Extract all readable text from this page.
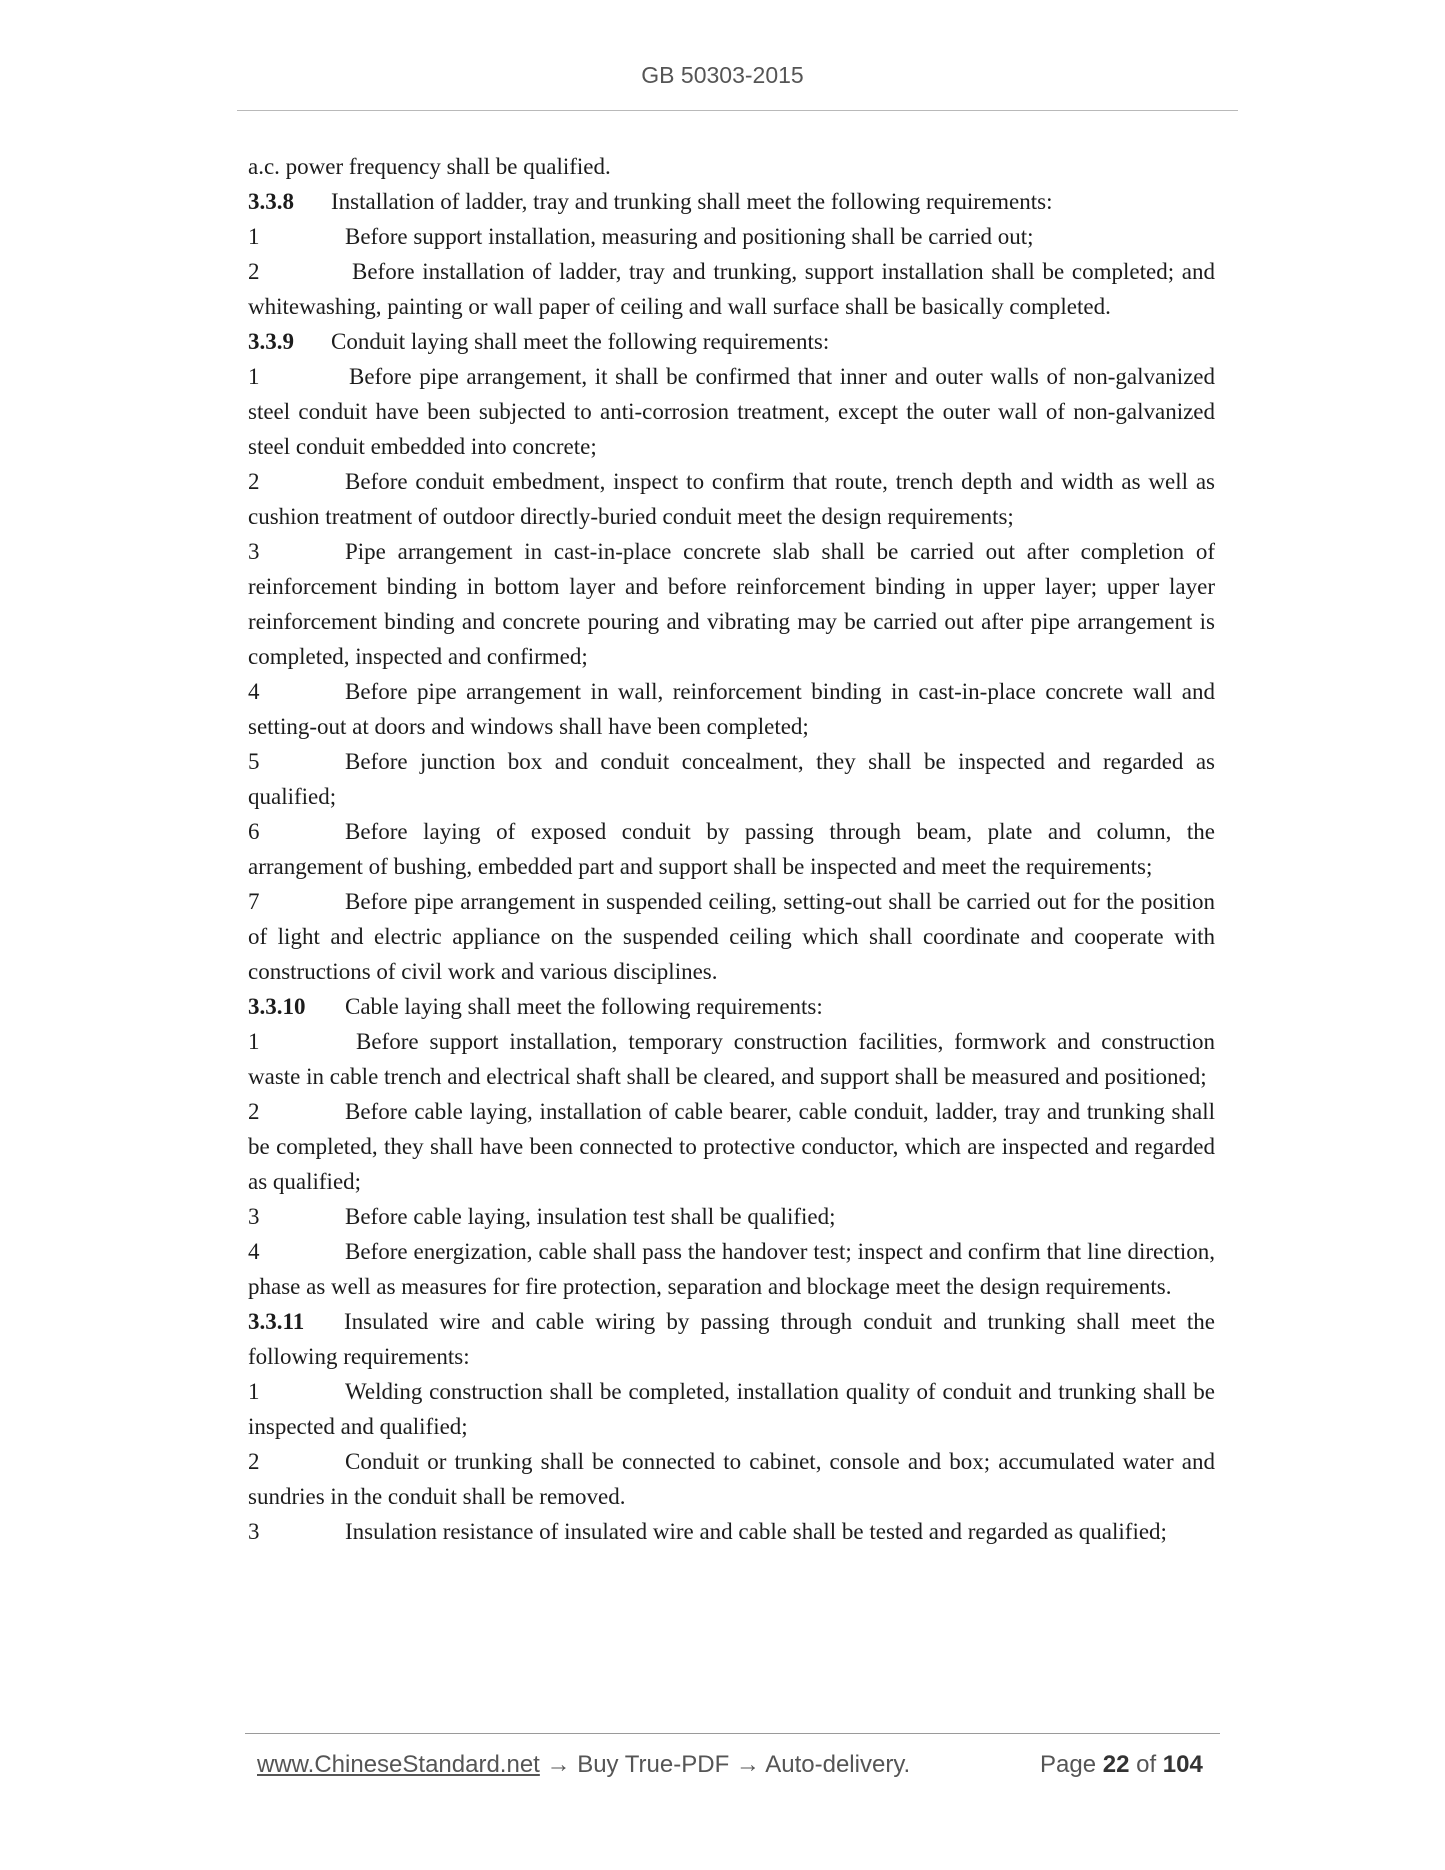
GB 50303-2015

a.c. power frequency shall be qualified.

3.3.8 Installation of ladder, tray and trunking shall meet the following requirements:

1	Before support installation, measuring and positioning shall be carried out;

2	Before installation of ladder, tray and trunking, support installation shall be completed; and whitewashing, painting or wall paper of ceiling and wall surface shall be basically completed.

3.3.9 Conduit laying shall meet the following requirements:

1	Before pipe arrangement, it shall be confirmed that inner and outer walls of non-galvanized steel conduit have been subjected to anti-corrosion treatment, except the outer wall of non-galvanized steel conduit embedded into concrete;

2	Before conduit embedment, inspect to confirm that route, trench depth and width as well as cushion treatment of outdoor directly-buried conduit meet the design requirements;

3	Pipe arrangement in cast-in-place concrete slab shall be carried out after completion of reinforcement binding in bottom layer and before reinforcement binding in upper layer; upper layer reinforcement binding and concrete pouring and vibrating may be carried out after pipe arrangement is completed, inspected and confirmed;

4	Before pipe arrangement in wall, reinforcement binding in cast-in-place concrete wall and setting-out at doors and windows shall have been completed;

5	Before junction box and conduit concealment, they shall be inspected and regarded as qualified;

6	Before laying of exposed conduit by passing through beam, plate and column, the arrangement of bushing, embedded part and support shall be inspected and meet the requirements;

7	Before pipe arrangement in suspended ceiling, setting-out shall be carried out for the position of light and electric appliance on the suspended ceiling which shall coordinate and cooperate with constructions of civil work and various disciplines.

3.3.10 Cable laying shall meet the following requirements:

1	Before support installation, temporary construction facilities, formwork and construction waste in cable trench and electrical shaft shall be cleared, and support shall be measured and positioned;

2	Before cable laying, installation of cable bearer, cable conduit, ladder, tray and trunking shall be completed, they shall have been connected to protective conductor, which are inspected and regarded as qualified;

3	Before cable laying, insulation test shall be qualified;

4	Before energization, cable shall pass the handover test; inspect and confirm that line direction, phase as well as measures for fire protection, separation and blockage meet the design requirements.

3.3.11 Insulated wire and cable wiring by passing through conduit and trunking shall meet the following requirements:

1	Welding construction shall be completed, installation quality of conduit and trunking shall be inspected and qualified;

2	Conduit or trunking shall be connected to cabinet, console and box; accumulated water and sundries in the conduit shall be removed.

3	Insulation resistance of insulated wire and cable shall be tested and regarded as qualified;

www.ChineseStandard.net → Buy True-PDF → Auto-delivery.	Page 22 of 104
